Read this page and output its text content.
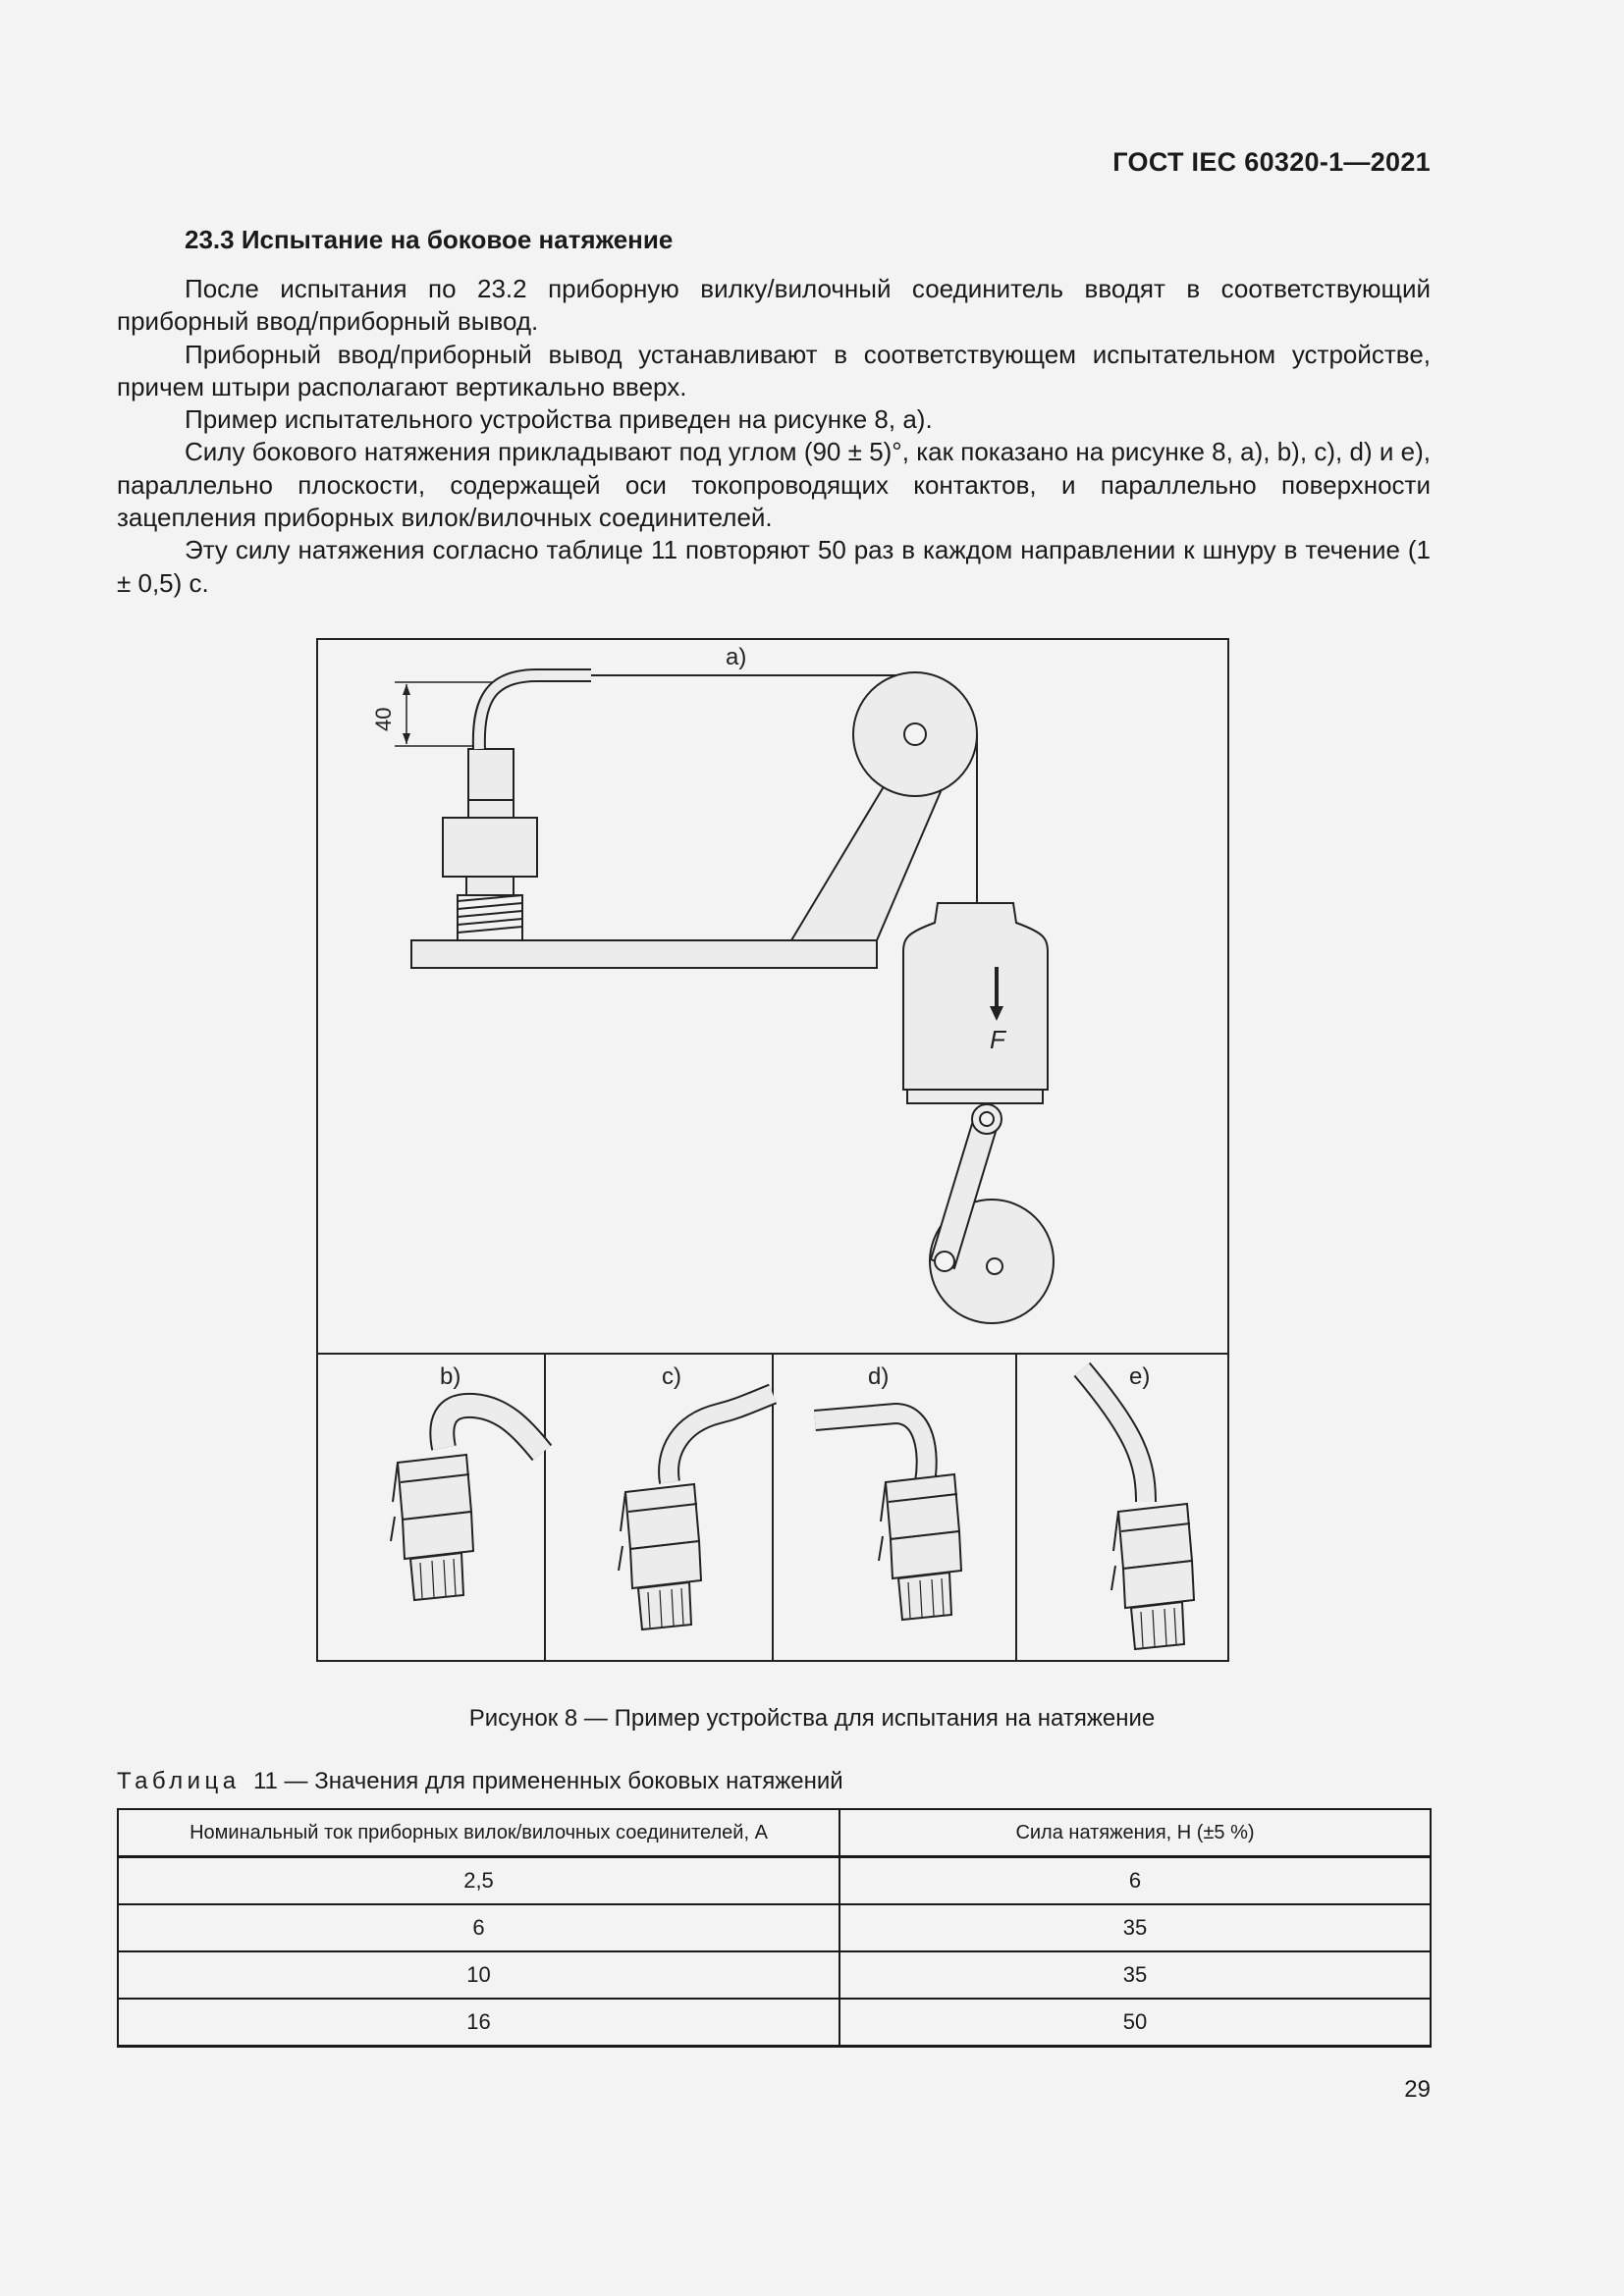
ГОСТ IEC 60320-1—2021
23.3 Испытание на боковое натяжение

После испытания по 23.2 приборную вилку/вилочный соединитель вводят в соответствующий приборный ввод/приборный вывод.

Приборный ввод/приборный вывод устанавливают в соответствующем испытательном устройстве, причем штыри располагают вертикально вверх.

Пример испытательного устройства приведен на рисунке 8, а).

Силу бокового натяжения прикладывают под углом (90 ± 5)°, как показано на рисунке 8, а), b), с), d) и е), параллельно плоскости, содержащей оси токопроводящих контактов, и параллельно поверхности зацепления приборных вилок/вилочных соединителей.

Эту силу натяжения согласно таблице 11 повторяют 50 раз в каждом направлении к шнуру в течение (1 ± 0,5) с.

а)
b)	с)	d)	е)
40
F
Рисунок 8 — Пример устройства для испытания на натяжение
Таблица 11 — Значения для примененных боковых натяжений
Номинальный ток приборных вилок/вилочных соединителей, А	Сила натяжения, Н (±5 %)
2,5	6
6	35
10	35
16	50
29
